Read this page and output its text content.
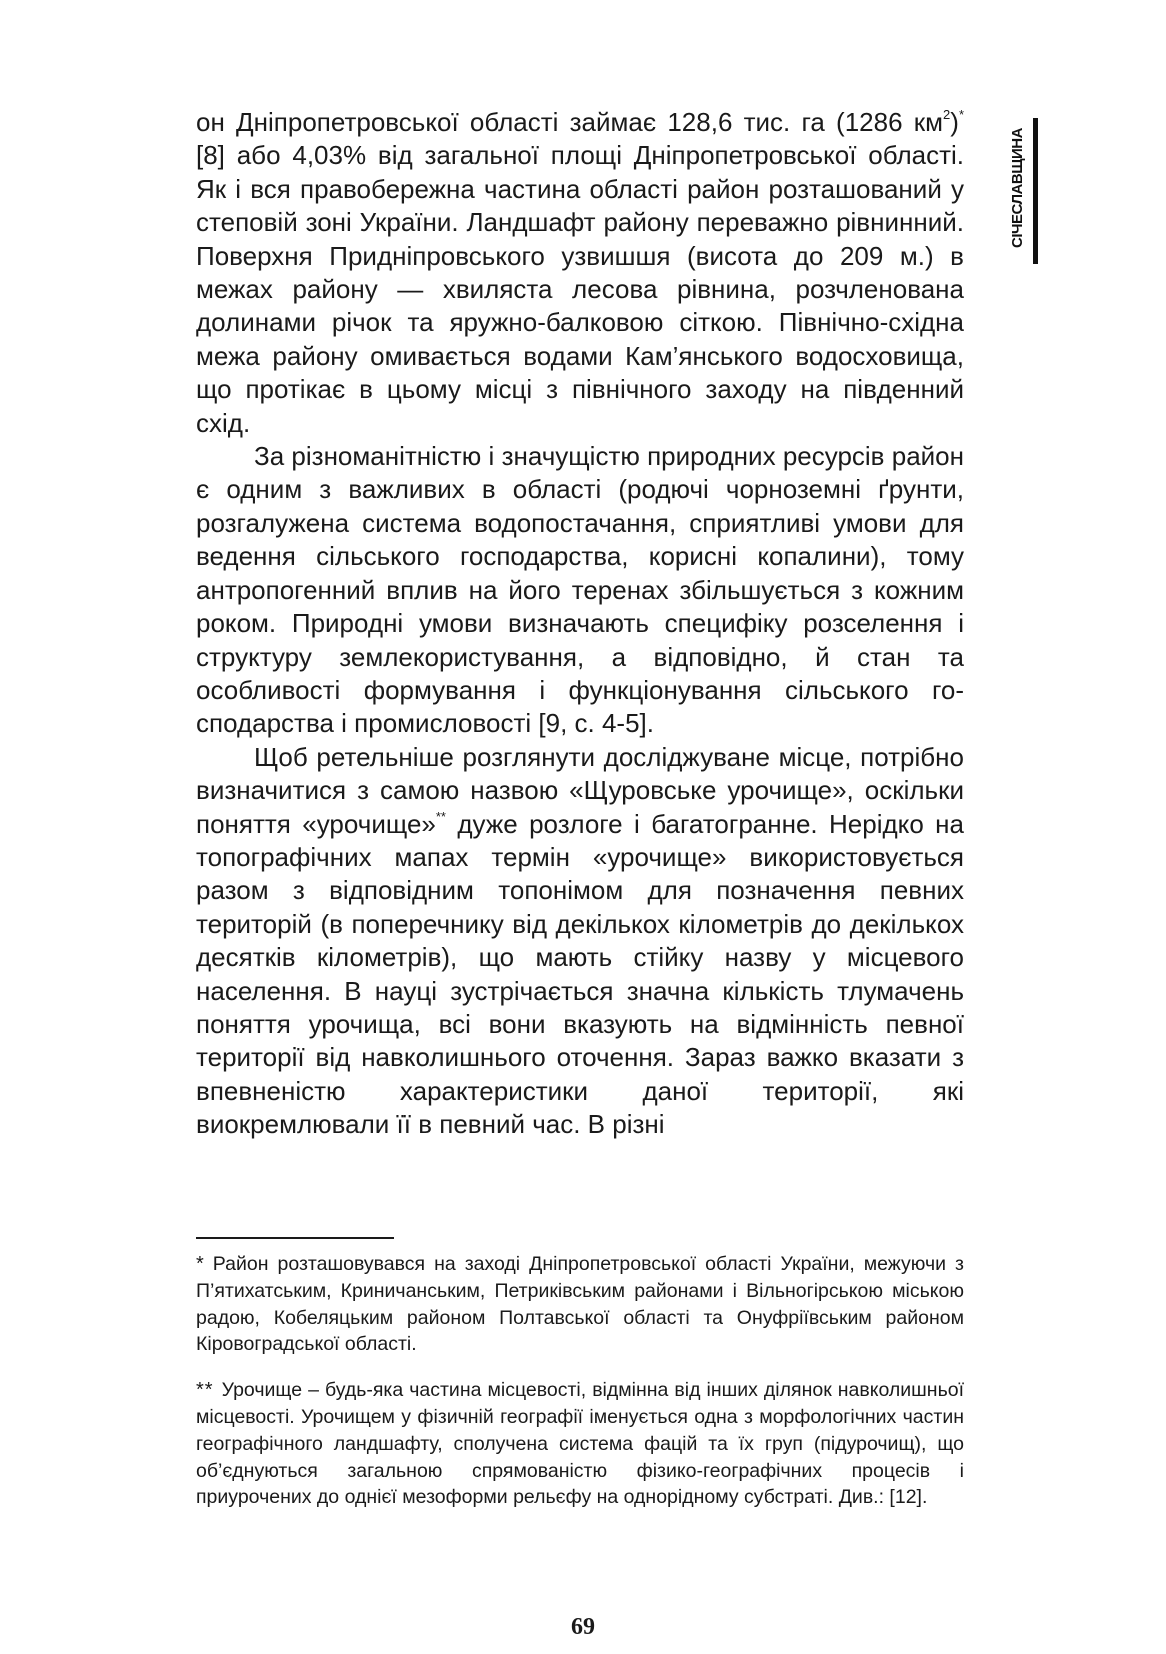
СІЧЕСЛАВЩИНА

он Дніпропетровської області займає 128,6 тис. га (1286 $км^2)^*$ [8] або 4,03% від загальної площі Дніпропетровської області. Як і вся правобережна частина області район розташований у степовій зоні України. Ландшафт району переважно рівнинний. Поверхня Придніпровського узвишшя (висота до 209 м.) в межах району — хвиляста лесова рівнина, розчленована долинами річок та яружно-балковою сіткою. Північно-східна межа району омивається водами Кам’янського водосховища, що протікає в цьому місці з північного заходу на південний схід.

За різноманітністю і значущістю природних ресурсів район є одним з важливих в області (родючі чорноземні ґрунти, розгалужена система водопостачання, сприятливі умови для ведення сільського господарства, корисні копалини), тому антропогенний вплив на його теренах збільшується з кожним роком. Природні умови визначають специфіку розселення і структуру землекористування, а відповідно, й стан та особливості формування і функціонування сільського господарства і промисловості [9, с. 4-5].

Щоб ретельніше розглянути досліджуване місце, потрібно визначитися з самою назвою «Щуровське урочище», оскільки поняття «урочище»** дуже розлоге і багатогранне. Нерідко на топографічних мапах термін «урочище» використовується разом з відповідним топонімом для позначення певних територій (в поперечнику від декількох кілометрів до декількох десятків кілометрів), що мають стійку назву у місцевого населення. В науці зустрічається значна кількість тлумачень поняття урочища, всі вони вказують на відмінність певної території від навколишнього оточення. Зараз важко вказати з впевненістю характеристики даної території, які виокремлювали її в певний час. В різні

* Район розташовувався на заході Дніпропетровської області України, межуючи з П’ятихатським, Криничанським, Петриківським районами і Вільногірською міською радою, Кобеляцьким районом Полтавської області та Онуфріївським районом Кіровоградської області.

** Урочище – будь-яка частина місцевості, відмінна від інших ділянок навколишньої місцевості. Урочищем у фізичній географії іменується одна з морфологічних частин географічного ландшафту, сполучена система фацій та їх груп (підурочищ), що об’єднуються загальною спрямованістю фізико-географічних процесів і приурочених до однієї мезоформи рельєфу на однорідному субстраті. Див.: [12].

69
